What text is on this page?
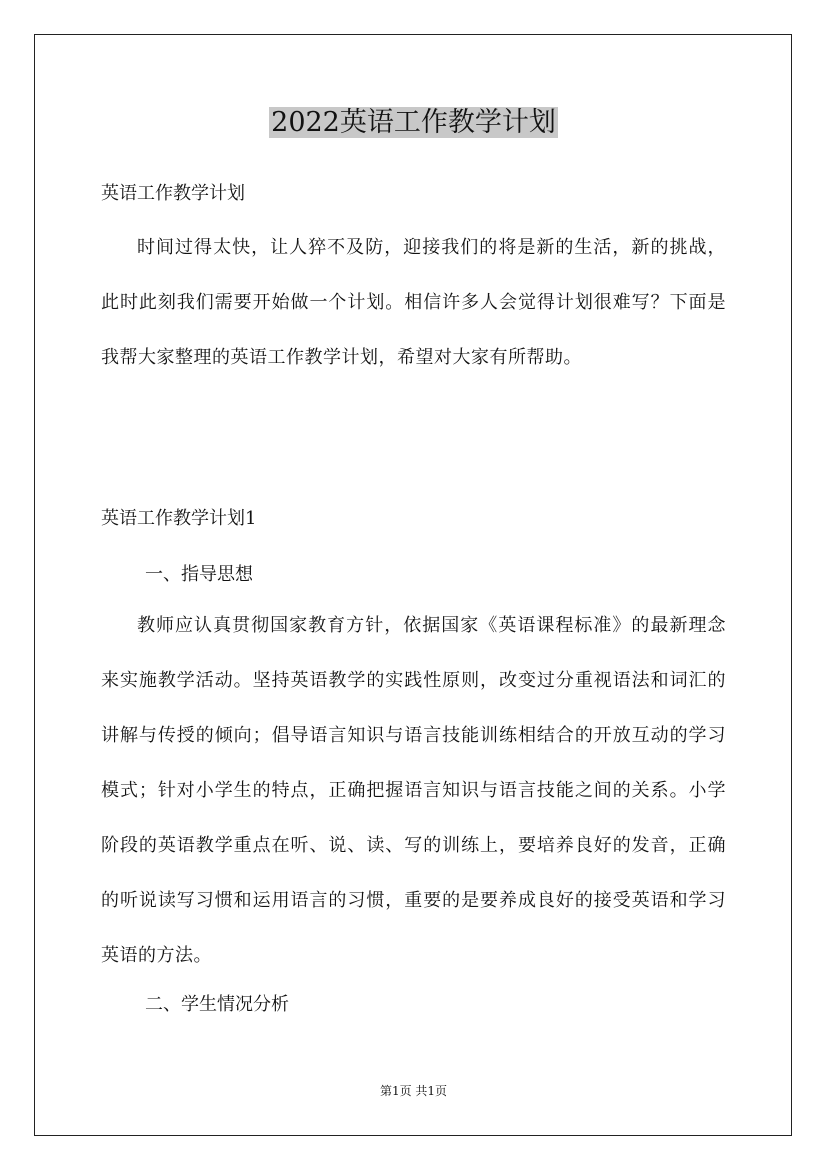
2022英语工作教学计划
英语工作教学计划
时间过得太快，让人猝不及防，迎接我们的将是新的生活，新的挑战，此时此刻我们需要开始做一个计划。相信许多人会觉得计划很难写？下面是我帮大家整理的英语工作教学计划，希望对大家有所帮助。
英语工作教学计划1
一、指导思想
教师应认真贯彻国家教育方针，依据国家《英语课程标准》的最新理念来实施教学活动。坚持英语教学的实践性原则，改变过分重视语法和词汇的讲解与传授的倾向；倡导语言知识与语言技能训练相结合的开放互动的学习模式；针对小学生的特点，正确把握语言知识与语言技能之间的关系。小学阶段的英语教学重点在听、说、读、写的训练上，要培养良好的发音，正确的听说读写习惯和运用语言的习惯，重要的是要养成良好的接受英语和学习英语的方法。
二、学生情况分析
第1页 共1页
